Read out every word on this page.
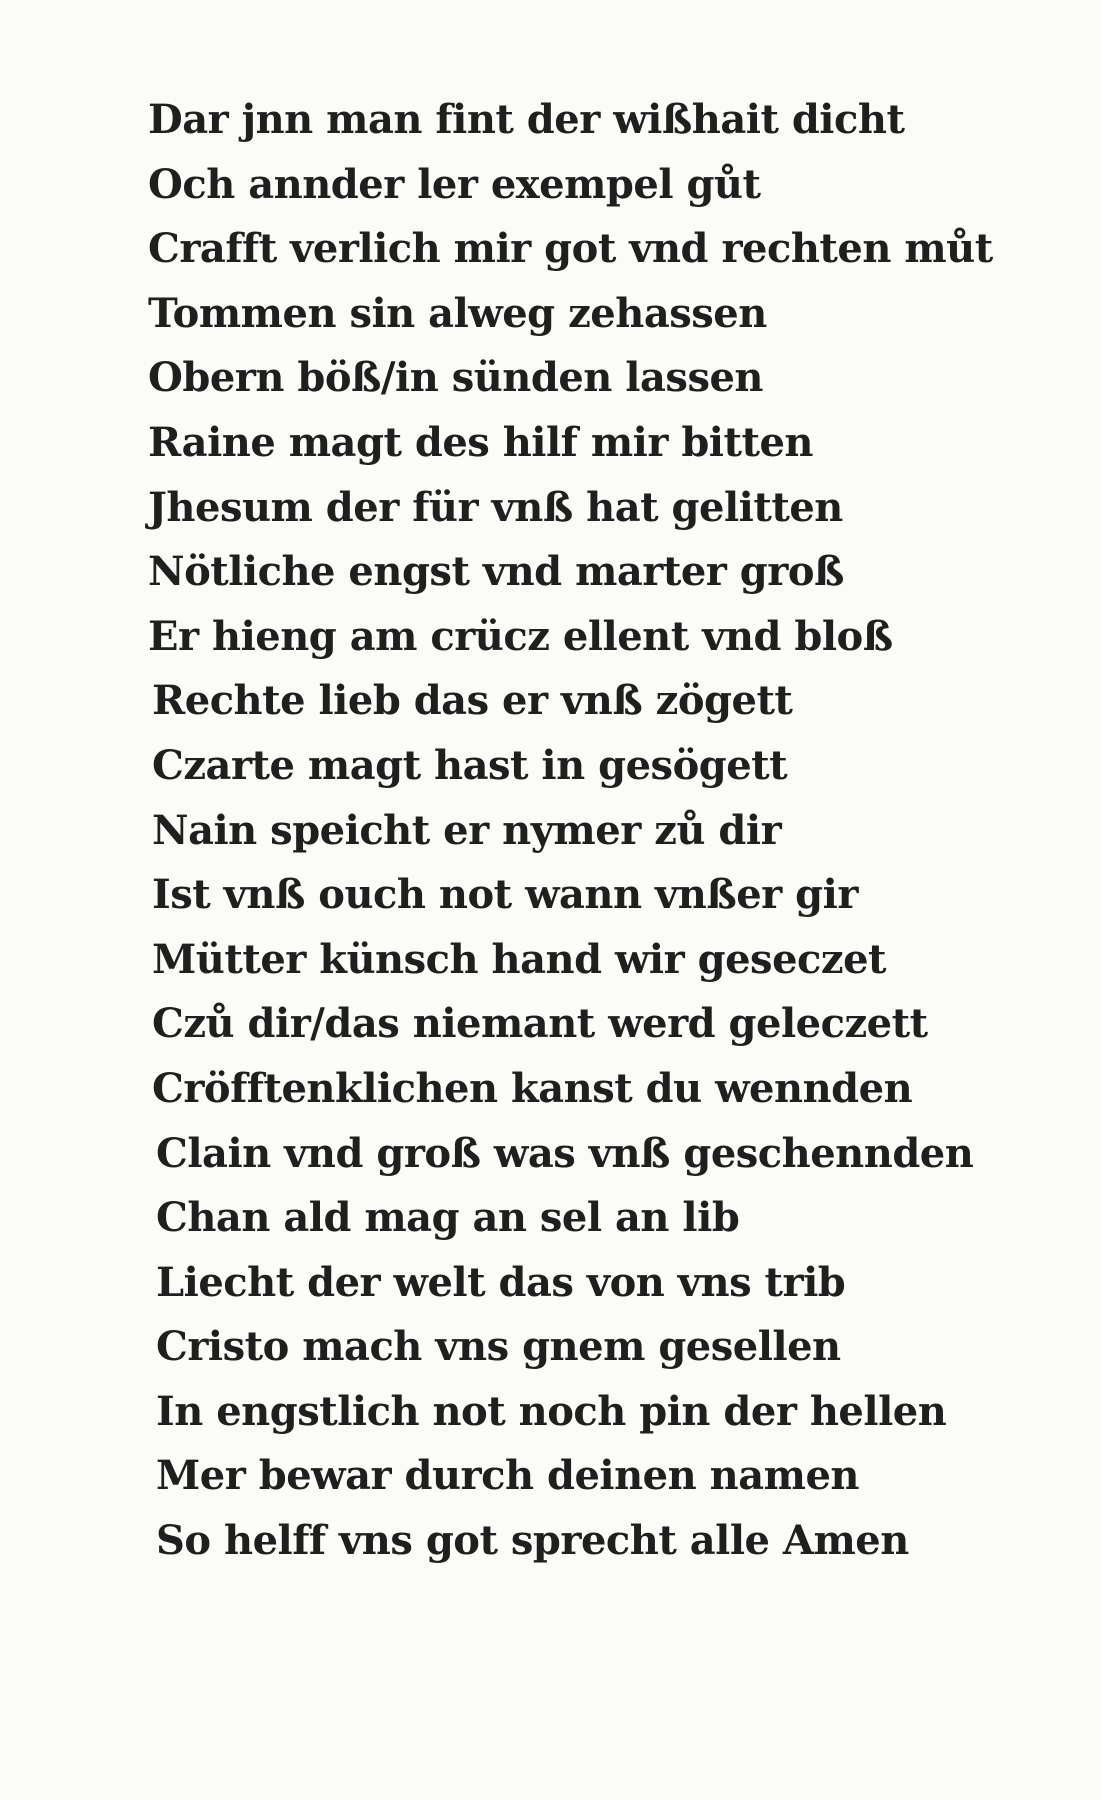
Dar jnn man fint der wißhait dicht
Och annder ler exempel gůt
Crafft verlich mir got vnd rechten můt
Tommen sin alweg zehassen
Obern böß/in sünden lassen
Raine magt des hilf mir bitten
Jhesum der für vnß hat gelitten
Nötliche engst vnd marter groß
Er hieng am crücz ellent vnd bloß
Rechte lieb das er vnß zögett
Czarte magt hast in gesögett
Nain speicht er nymer zů dir
Ist vnß ouch not wann vnßer gir
Mütter künsch hand wir geseczet
Czů dir/das niemant werd geleczett
Cröfftenklichen kanst du wennden
Clain vnd groß was vnß geschennden
Chan ald mag an sel an lib
Liecht der welt das von vns trib
Cristo mach vns gnem gesellen
In engstlich not noch pin der hellen
Mer bewar durch deinen namen
So helff vns got sprecht alle Amen
